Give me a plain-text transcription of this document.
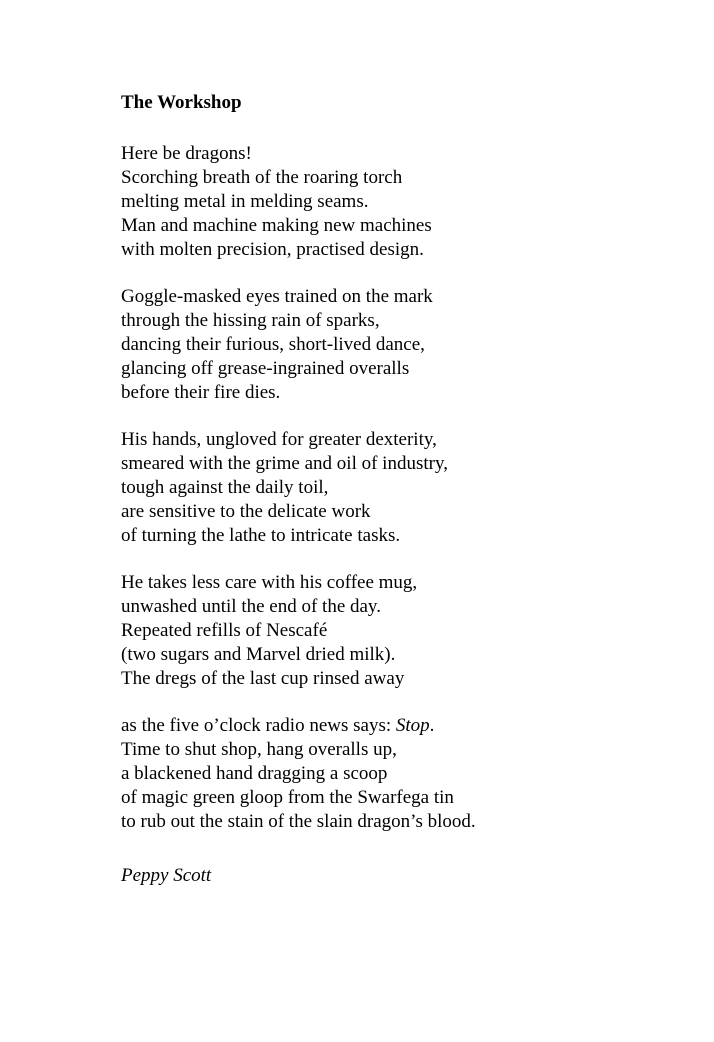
The Workshop
Here be dragons!
Scorching breath of the roaring torch
melting metal in melding seams.
Man and machine making new machines
with molten precision, practised design.
Goggle-masked eyes trained on the mark
through the hissing rain of sparks,
dancing their furious, short-lived dance,
glancing off grease-ingrained overalls
before their fire dies.
His hands, ungloved for greater dexterity,
smeared with the grime and oil of industry,
tough against the daily toil,
are sensitive to the delicate work
of turning the lathe to intricate tasks.
He takes less care with his coffee mug,
unwashed until the end of the day.
Repeated refills of Nescafé
(two sugars and Marvel dried milk).
The dregs of the last cup rinsed away
as the five o’clock radio news says: Stop.
Time to shut shop, hang overalls up,
a blackened hand dragging a scoop
of magic green gloop from the Swarfega tin
to rub out the stain of the slain dragon’s blood.
Peppy Scott
